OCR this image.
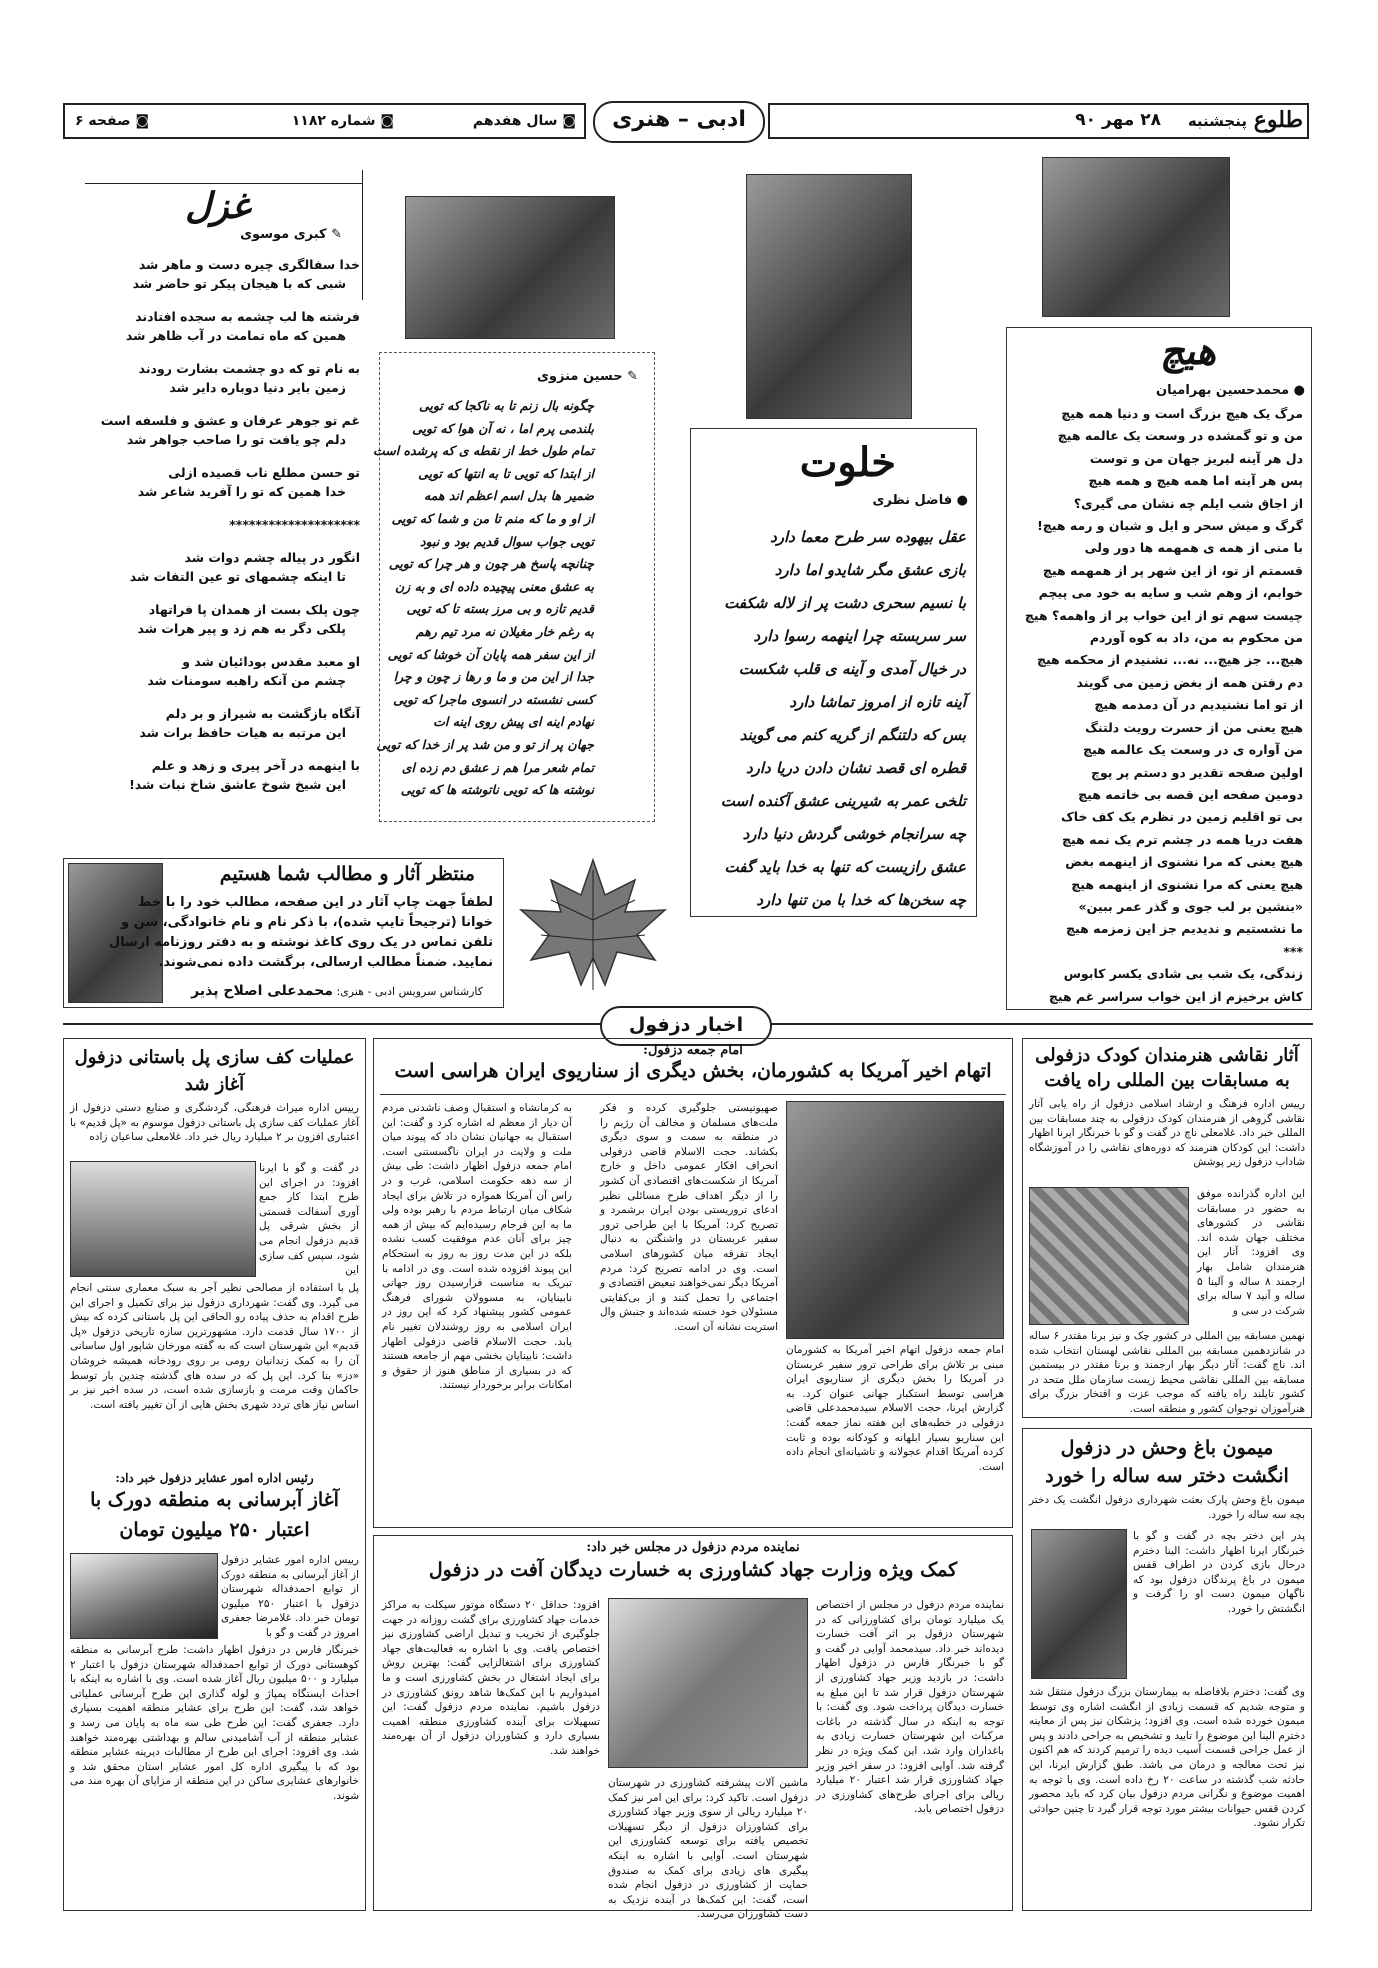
طلوع
پنجشنبه
۲۸ مهر ۹۰
ادبی – هنری
◙ سال هفدهم
◙ شماره ۱۱۸۲
◙ صفحه ۶
هیچ
● محمدحسین بهرامیان
مرگ یک هیچ بزرگ است و دنیا همه هیچ
من و تو گمشده در وسعت یک عالمه هیچ
دل هر آینه لبریز جهان من و توست
پس هر آینه اما همه هیچ و همه هیچ
از اجاق شب ایلم چه نشان می گیری؟
گرگ و میش سحر و ایل و شبان و رمه هیچ!
با منی از همه ی همهمه ها دور ولی
قسمتم از تو، از این شهر پر از همهمه هیچ
خوابم، از وهم شب و سایه به خود می پیچم
چیست سهم تو از این خواب پر از واهمه؟ هیچ
من محکوم به من، داد به کوه آوردم
هیچ... جز هیچ... نه... نشنیدم از محکمه هیچ
دم رفتن همه از بغض زمین می گویند
از تو اما نشنیدیم در آن دمدمه هیچ
هیچ یعنی من از حسرت رویت دلتنگ
من آواره ی در وسعت یک عالمه هیچ
اولین صفحه تقدیر دو دستم پر پوچ
دومین صفحه این قصه بی خاتمه هیچ
بی تو اقلیم زمین در نظرم یک کف خاک
هفت دریا همه در چشم ترم یک نمه هیچ
هیچ یعنی که مرا نشنوی از اینهمه بغض
هیچ یعنی که مرا نشنوی از اینهمه هیچ
«بنشین بر لب جوی و گذر عمر ببین»
ما نشستیم و ندیدیم جز این زمزمه هیچ
***
زندگی، یک شب بی شادی یکسر کابوس
کاش برخیزم از این خواب سراسر غم هیچ
خلوت
● فاضل نظری
عقل بیهوده سر طرح معما دارد
بازی عشق مگر شایدو اما دارد
با نسیم سحری دشت پر از لاله شکفت
سر سربسته چرا اینهمه رسوا دارد
در خیال آمدی و آینه ی قلب شکست
آینه تازه از امروز تماشا دارد
بس که دلتنگم از گریه کنم می گویند
قطره ای قصد نشان دادن دریا دارد
تلخی عمر به شیرینی عشق آکنده است
چه سرانجام خوشی گردش دنیا دارد
عشق رازیست که تنها به خدا باید گفت
چه سخن‌ها که خدا با من تنها دارد
✎ حسین منزوی
چگونه بال زنم تا به ناکجا که تویی
بلندمی پرم اما ، نه آن هوا که تویی
تمام طول خط از نقطه ی که پرشده است
از ابتدا که تویی تا به انتها که تویی
ضمیر ها بدل اسم اعظم اند همه
از او و ما که منم تا من و شما که تویی
تویی جواب سوال قدیم بود و نبود
چنانچه پاسخ هر چون و هر چرا که تویی
به عشق معنی پیچیده داده ای و به زن
قدیم تازه و بی مرز بسته تا که تویی
به رغم خار مغیلان نه مرد تیم رهم
از این سفر همه پایان آن خوشا که تویی
جدا از این من و ما و رها ز چون و چرا
کسی نشسته در انسوی ماجرا که تویی
نهادم اینه ای پیش روی اینه ات
جهان پر از تو و من شد پر از خدا که تویی
تمام شعر مرا هم ز عشق دم زده ای
نوشته ها که تویی ناتوشته ها که تویی
غزل
✎ کبری موسوی
خدا سفالگری چیره دست و ماهر شد
شبی که با هیجان پیکر تو حاضر شد
فرشته ها لب چشمه به سجده افتادند
همین که ماه تمامت در آب ظاهر شد
به نام تو که دو چشمت بشارت رودند
زمین بایر دنیا دوباره دایر شد
غم تو جوهر عرفان و عشق و فلسفه است
دلم چو یافت تو را صاحب جواهر شد
تو حسن مطلع ناب قصیده ازلی
خدا همین که تو را آفرید شاعر شد
********************
انگور در پیاله چشم دوات شد
تا اینکه چشمهای تو عین التفات شد
چون پلک بست از همدان پا فراتهاد
پلکی دگر به هم زد و پیر هرات شد
او معبد مقدس بودائیان شد و
چشم من آنکه راهبه سومنات شد
آنگاه بازگشت به شیراز و بر دلم
این مرتبه به هیات حافظ برات شد
با اینهمه در آخر پیری و زهد و علم
این شیخ شوخ عاشق شاخ نبات شد!
منتظر آثار و مطالب شما هستیم
لطفاً جهت چاپ آثار در این صفحه، مطالب خود را با خط
خوانا (ترجیحاً تایپ شده)، با ذکر نام و نام خانوادگی، سن و
تلفن تماس در یک روی کاغذ نوشته و به دفتر روزنامه ارسال
نمایید. ضمناً مطالب ارسالی، برگشت داده نمی‌شوند.
کارشناس سرویس ادبی - هنری: محمدعلی اصلاح پذیر
اخبار دزفول
آثار نقاشی هنرمندان کودک دزفولی
به مسابقات بین المللی راه یافت
رییس اداره فرهنگ و ارشاد اسلامی دزفول از راه یابی آثار نقاشی گروهی از هنرمندان کودک دزفولی به چند مسابقات بین المللی خبر داد. غلامعلی ناچ در گفت و گو با خبرنگار ایرنا اظهار داشت: این کودکان هنرمند که دوره‌های نقاشی را در آموزشگاه شاداب دزفول زیر پوشش
این اداره گذرانده موفق به حضور در مسابقات نقاشی در کشورهای مختلف جهان شده اند. وی افزود: آثار این هنرمندان شامل بهار ارجمند ۸ ساله و آلینا ۵ ساله و آنید ۷ ساله برای شرکت در سی و
نهمین مسابقه بین المللی در کشور چک و نیز برنا مقتدر ۶ ساله در شانزدهمین مسابقه بین المللی نقاشی لهستان انتخاب شده اند. ناچ گفت: آثار دیگر بهار ارجمند و برنا مقتدر در بیستمین مسابقه بین المللی نقاشی محیط زیست سازمان ملل متحد در کشور تایلند راه یافته که موجب عزت و افتخار بزرگ برای هنرآموزان نوجوان کشور و منطقه است.
میمون باغ وحش در دزفول
انگشت دختر سه ساله را خورد
میمون باغ وحش پارک بعثت شهرداری دزفول انگشت یک دختر بچه سه ساله را خورد.
پدر این دختر بچه در گفت و گو با خبرنگار ایرنا اظهار داشت: الینا دخترم درحال بازی کردن در اطراف قفس میمون در باغ پرندگان دزفول بود که ناگهان میمون دست او را گرفت و انگشتش را خورد.
وی گفت: دخترم بلافاصله به بیمارستان بزرگ دزفول منتقل شد و متوجه شدیم که قسمت زیادی از انگشت اشاره وی توسط میمون خورده شده است. وی افزود: پزشکان نیز پس از معاینه دخترم الینا این موضوع را تایید و تشخیص به جراحی دادند و پس از عمل جراحی قسمت آسیب دیده را ترمیم کردند که هم اکنون نیز تحت معالجه و درمان می باشد. طبق گزارش ایرنا، این حادثه شب گذشته در ساعت ۲۰ رخ داده است. وی با توجه به اهمیت موضوع و نگرانی مردم دزفول بیان کرد که باید محصور کردن قفس حیوانات بیشتر مورد توجه قرار گیرد تا چنین حوادثی تکرار نشود.
امام جمعه دزفول:
اتهام اخیر آمریکا به کشورمان، بخش دیگری از سناریوی ایران هراسی است
امام جمعه دزفول اتهام اخیر آمریکا به کشورمان مبنی بر تلاش برای طراحی ترور سفیر عربستان در آمریکا را بخش دیگری از سناریوی ایران هراسی توسط استکبار جهانی عنوان کرد. به گزارش ایرنا، حجت الاسلام سیدمحمدعلی قاضی دزفولی در خطبه‌های این هفته نماز جمعه گفت: این سناریو بسیار ابلهانه و کودکانه بوده و ثابت کرده آمریکا اقدام عجولانه و ناشیانه‌ای انجام داده است.
صهیونیستی جلوگیری کرده و فکر ملت‌های مسلمان و مخالف آن رژیم را در منطقه به سمت و سوی دیگری بکشاند. حجت الاسلام قاضی دزفولی انحراف افکار عمومی داخل و خارج آمریکا از شکست‌های اقتصادی آن کشور را از دیگر اهداف طرح مسائلی نظیر ادعای تروریستی بودن ایران برشمرد و تصریح کرد: آمریکا با این طراحی ترور سفیر عربستان در واشنگتن به دنبال ایجاد تفرقه میان کشورهای اسلامی است. وی در ادامه تصریح کرد: مردم آمریکا دیگر نمی‌خواهند تبعیض اقتصادی و اجتماعی را تحمل کنند و از بی‌کفایتی مسئولان خود خسته شده‌اند و جنبش وال استریت نشانه آن است.
به کرمانشاه و استقبال وصف ناشدنی مردم آن دیار از معظم له اشاره کرد و گفت: این استقبال به جهانیان نشان داد که پیوند میان ملت و ولایت در ایران ناگسستنی است. امام جمعه دزفول اظهار داشت: طی بیش از سه دهه حکومت اسلامی، غرب و در راس آن آمریکا همواره در تلاش برای ایجاد شکاف میان ارتباط مردم با رهبر بوده ولی ما به این فرجام رسیده‌ایم که بیش از همه چیز برای آنان عدم موفقیت کسب نشده بلکه در این مدت روز به روز به استحکام این پیوند افزوده شده است. وی در ادامه با تبریک به مناسبت فرارسیدن روز جهانی نابینایان، به مسوولان شورای فرهنگ عمومی کشور پیشنهاد کرد که این روز در ایران اسلامی به روز روشندلان تغییر نام یابد. حجت الاسلام قاضی دزفولی اظهار داشت: نابینایان بخشی مهم از جامعه هستند که در بسیاری از مناطق هنوز از حقوق و امکانات برابر برخوردار نیستند.
نماینده مردم دزفول در مجلس خبر داد:
کمک ویژه وزارت جهاد کشاورزی به خسارت دیدگان آفت در دزفول
نماینده مردم دزفول در مجلس از اختصاص یک میلیارد تومان برای کشاورزانی که در شهرستان دزفول بر اثر آفت خسارت دیده‌اند خبر داد. سیدمحمد آوایی در گفت و گو با خبرنگار فارس در دزفول اظهار داشت: در بازدید وزیر جهاد کشاورزی از شهرستان دزفول قرار شد تا این مبلغ به خسارت دیدگان پرداخت شود. وی گفت: با توجه به اینکه در سال گذشته در باغات مرکبات این شهرستان خسارت زیادی به باغداران وارد شد، این کمک ویژه در نظر گرفته شد. آوایی افزود: در سفر اخیر وزیر جهاد کشاورزی قرار شد اعتبار ۲۰ میلیارد ریالی برای اجرای طرح‌های کشاورزی در دزفول اختصاص یابد.
ماشین آلات پیشرفته کشاورزی در شهرستان دزفول است. تاکید کرد: برای این امر نیز کمک ۲۰ میلیارد ریالی از سوی وزیر جهاد کشاورزی برای کشاورزان دزفول از دیگر تسهیلات تخصیص یافته برای توسعه کشاورزی این شهرستان است. آوایی با اشاره به اینکه پیگیری های زیادی برای کمک به صندوق حمایت از کشاورزی در دزفول انجام شده است، گفت: این کمک‌ها در آینده نزدیک به دست کشاورزان می‌رسد.
افزود: حداقل ۲۰ دستگاه موتور سیکلت به مراکز خدمات جهاد کشاورزی برای گشت روزانه در جهت جلوگیری از تخریب و تبدیل اراضی کشاورزی نیز اختصاص یافت. وی با اشاره به فعالیت‌های جهاد کشاورزی برای اشتغالزایی گفت: بهترین روش برای ایجاد اشتغال در بخش کشاورزی است و ما امیدواریم با این کمک‌ها شاهد رونق کشاورزی در دزفول باشیم. نماینده مردم دزفول گفت: این تسهیلات برای آینده کشاورزی منطقه اهمیت بسیاری دارد و کشاورزان دزفول از آن بهره‌مند خواهند شد.
عملیات کف سازی پل باستانی دزفول
آغاز شد
رییس اداره میراث فرهنگی، گردشگری و صنایع دستی دزفول از آغاز عملیات کف سازی پل باستانی دزفول موسوم به «پل قدیم» با اعتباری افزون بر ۲ میلیارد ریال خبر داد. غلامعلی ساعیان زاده
در گفت و گو با ایرنا افزود: در اجرای این طرح ابتدا کار جمع آوری آسفالت قسمتی از بخش شرقی پل قدیم دزفول انجام می شود، سپس کف سازی این
پل با استفاده از مصالحی نظیر آجر به سبک معماری سنتی انجام می گیرد. وی گفت: شهرداری دزفول نیز برای تکمیل و اجرای این طرح اقدام به حذف پیاده رو الحاقی این پل باستانی کرده که بیش از ۱۷۰۰ سال قدمت دارد. مشهورترین سازه تاریخی دزفول «پل قدیم» این شهرستان است که به گفته مورخان شاپور اول ساسانی آن را به کمک زندانیان رومی بر روی رودخانه همیشه خروشان «دز» بنا کرد. این پل که در سده های گذشته چندین بار توسط حاکمان وقت مرمت و بازسازی شده است، در سده اخیر نیز بر اساس نیاز های تردد شهری بخش هایی از آن تغییر یافته است.
رئیس اداره امور عشایر دزفول خبر داد:
آغاز آبرسانی به منطقه دورک با
اعتبار ۲۵۰ میلیون تومان
رییس اداره امور عشایر دزفول از آغاز آبرسانی به منطقه دورک از توابع احمدفداله شهرستان دزفول با اعتبار ۲۵۰ میلیون تومان خبر داد. غلامرضا جعفری امروز در گفت و گو با
خبرنگار فارس در دزفول اظهار داشت: طرح آبرسانی به منطقه کوهستانی دورک از توابع احمدفداله شهرستان دزفول با اعتبار ۲ میلیارد و ۵۰۰ میلیون ریال آغاز شده است. وی با اشاره به اینکه با احداث ایستگاه پمپاژ و لوله گذاری این طرح آبرسانی عملیاتی خواهد شد، گفت: این طرح برای عشایر منطقه اهمیت بسیاری دارد. جعفری گفت: این طرح طی سه ماه به پایان می رسد و عشایر منطقه از آب آشامیدنی سالم و بهداشتی بهره‌مند خواهند شد. وی افزود: اجرای این طرح از مطالبات دیرینه عشایر منطقه بود که با پیگیری اداره کل امور عشایر استان محقق شد و خانوارهای عشایری ساکن در این منطقه از مزایای آن بهره مند می شوند.
